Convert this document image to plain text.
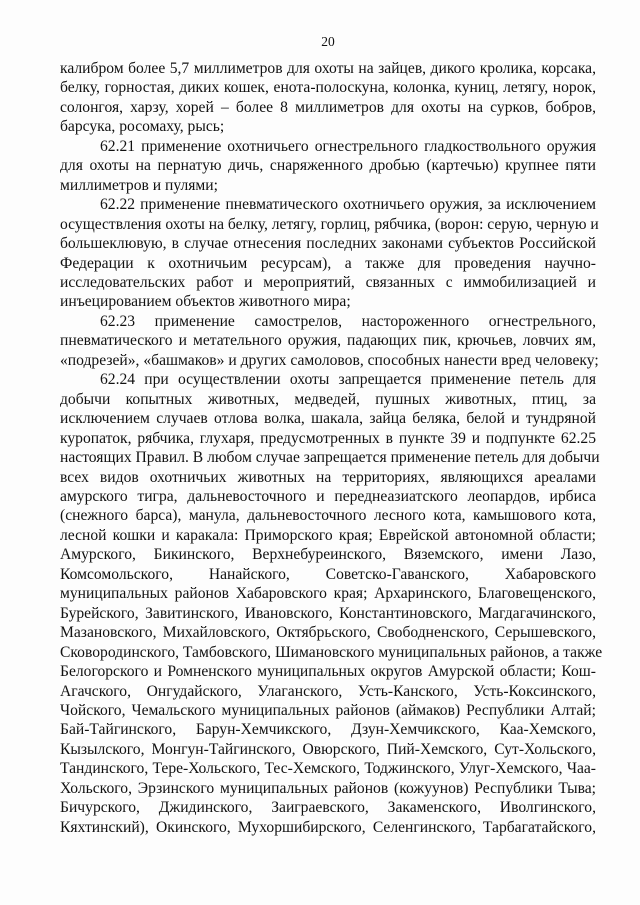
20
калибром более 5,7 миллиметров для охоты на зайцев, дикого кролика, корсака,
белку, горностая, диких кошек, енота-полоскуна, колонка, куниц, летягу, норок,
солонгоя, харзу, хорей – более 8 миллиметров для охоты на сурков, бобров,
барсука, росомаху, рысь;
62.21 применение охотничьего огнестрельного гладкоствольного оружия
для охоты на пернатую дичь, снаряженного дробью (картечью) крупнее пяти
миллиметров и пулями;
62.22 применение пневматического охотничьего оружия, за исключением
осуществления охоты на белку, летягу, горлиц, рябчика, (ворон: серую, черную и
большеклювую, в случае отнесения последних законами субъектов Российской
Федерации к охотничьим ресурсам), а также для проведения научно-
исследовательских работ и мероприятий, связанных с иммобилизацией и
инъецированием объектов животного мира;
62.23 применение самострелов, настороженного огнестрельного,
пневматического и метательного оружия, падающих пик, крючьев, ловчих ям,
«подрезей», «башмаков» и других самоловов, способных нанести вред человеку;
62.24 при осуществлении охоты запрещается применение петель для
добычи копытных животных, медведей, пушных животных, птиц, за
исключением случаев отлова волка, шакала, зайца беляка, белой и тундряной
куропаток, рябчика, глухаря, предусмотренных в пункте 39 и подпункте 62.25
настоящих Правил. В любом случае запрещается применение петель для добычи
всех видов охотничьих животных на территориях, являющихся ареалами
амурского тигра, дальневосточного и переднеазиатского леопардов, ирбиса
(снежного барса), манула, дальневосточного лесного кота, камышового кота,
лесной кошки и каракала: Приморского края; Еврейской автономной области;
Амурского, Бикинского, Верхнебуреинского, Вяземского, имени Лазо,
Комсомольского, Нанайского, Советско-Гаванского, Хабаровского
муниципальных районов Хабаровского края; Архаринского, Благовещенского,
Бурейского, Завитинского, Ивановского, Константиновского, Магдагачинского,
Мазановского, Михайловского, Октябрьского, Свободненского, Серышевского,
Сковородинского, Тамбовского, Шимановского муниципальных районов, а также
Белогорского и Ромненского муниципальных округов Амурской области; Кош-
Агачского, Онгудайского, Улаганского, Усть-Канского, Усть-Коксинского,
Чойского, Чемальского муниципальных районов (аймаков) Республики Алтай;
Бай-Тайгинского, Барун-Хемчикского, Дзун-Хемчикского, Каа-Хемского,
Кызылского, Монгун-Тайгинского, Овюрского, Пий-Хемского, Сут-Хольского,
Тандинского, Тере-Хольского, Тес-Хемского, Тоджинского, Улуг-Хемского, Чаа-
Хольского, Эрзинского муниципальных районов (кожуунов) Республики Тыва;
Бичурского, Джидинского, Заиграевского, Закаменского, Иволгинского,
Кяхтинский), Окинского, Мухоршибирского, Селенгинского, Тарбагатайского,
